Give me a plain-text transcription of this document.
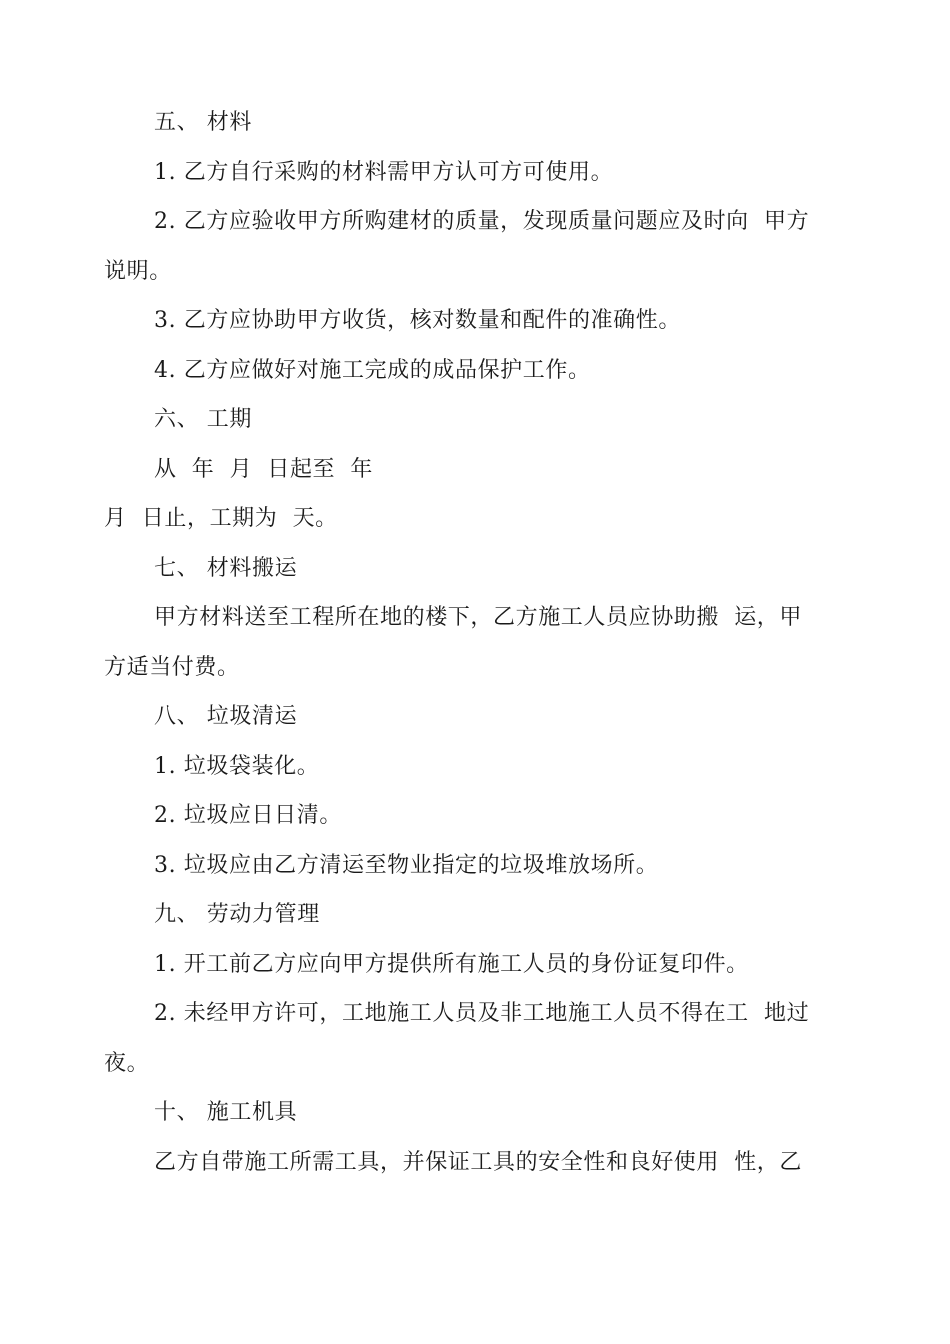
五、 材料
1. 乙方自行采购的材料需甲方认可方可使用。
2. 乙方应验收甲方所购建材的质量，发现质量问题应及时向  甲方
说明。
3. 乙方应协助甲方收货，核对数量和配件的准确性。
4. 乙方应做好对施工完成的成品保护工作。
六、 工期
从  年  月  日起至  年
月  日止，工期为  天。
七、 材料搬运
甲方材料送至工程所在地的楼下，乙方施工人员应协助搬  运，甲
方适当付费。
八、 垃圾清运
1. 垃圾袋装化。
2. 垃圾应日日清。
3. 垃圾应由乙方清运至物业指定的垃圾堆放场所。
九、 劳动力管理
1. 开工前乙方应向甲方提供所有施工人员的身份证复印件。
2. 未经甲方许可，工地施工人员及非工地施工人员不得在工  地过
夜。
十、 施工机具
乙方自带施工所需工具，并保证工具的安全性和良好使用  性，乙
